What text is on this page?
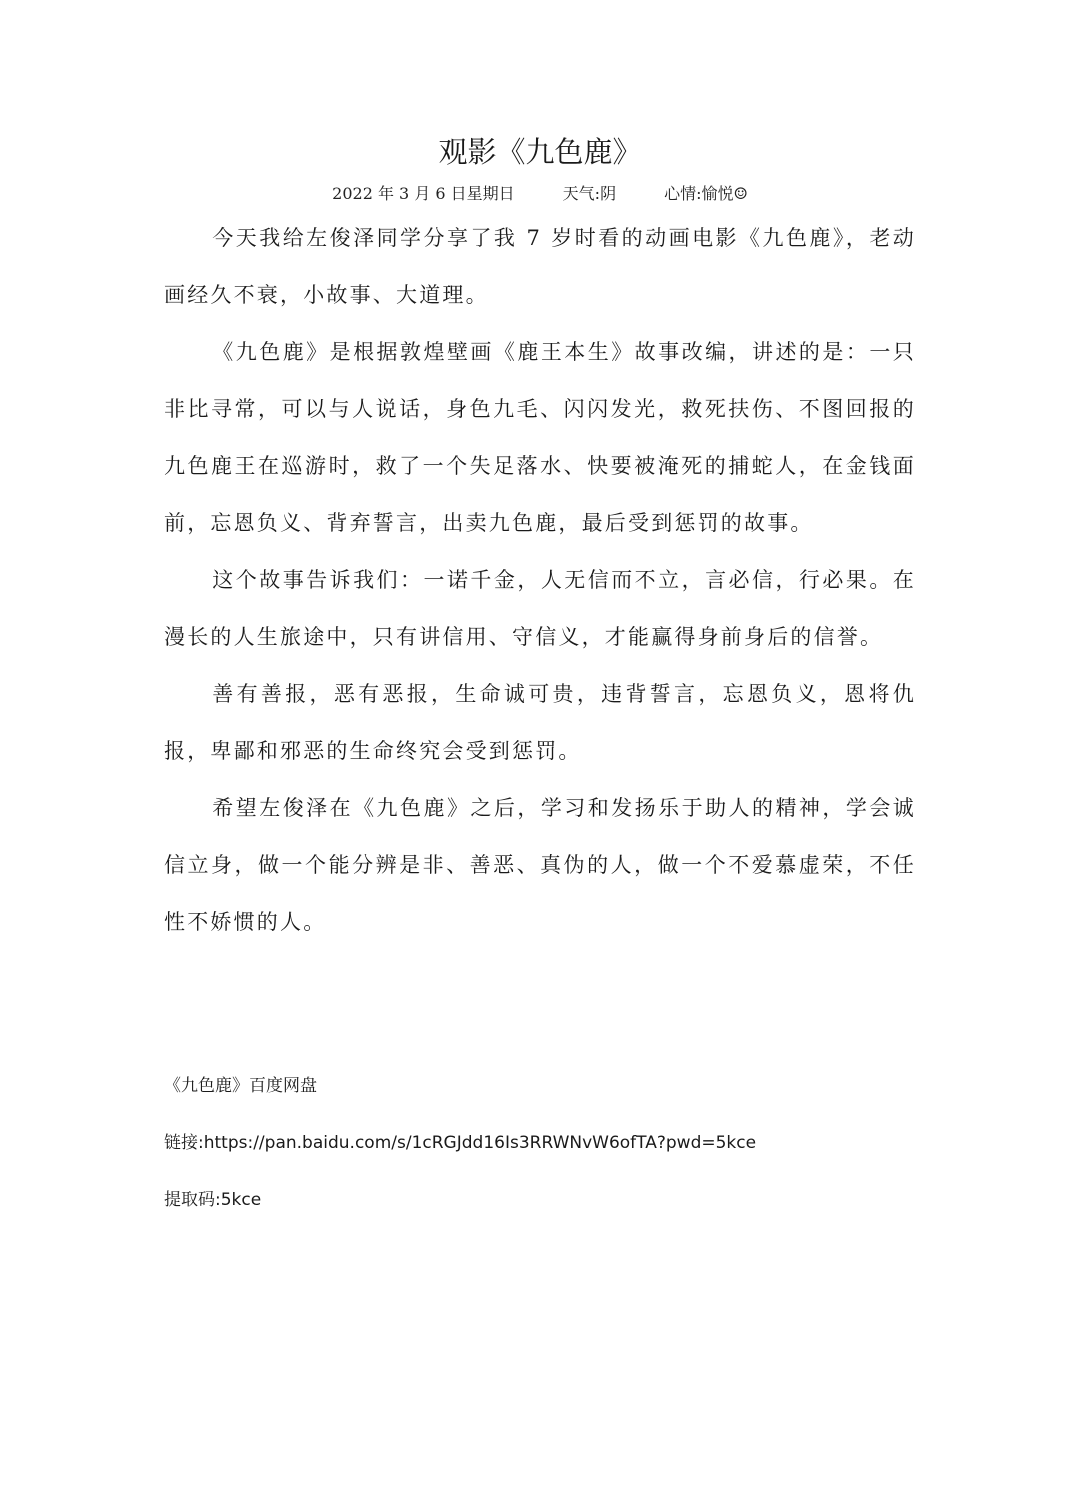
观影《九色鹿》
2022 年 3 月 6 日星期日	天气:阴	心情:愉悦☺

今天我给左俊泽同学分享了我 7 岁时看的动画电影《九色鹿》，老动画经久不衰，小故事、大道理。

《九色鹿》是根据敦煌壁画《鹿王本生》故事改编，讲述的是：一只非比寻常，可以与人说话，身色九毛、闪闪发光，救死扶伤、不图回报的九色鹿王在巡游时，救了一个失足落水、快要被淹死的捕蛇人，在金钱面前，忘恩负义、背弃誓言，出卖九色鹿，最后受到惩罚的故事。

这个故事告诉我们：一诺千金，人无信而不立，言必信，行必果。在漫长的人生旅途中，只有讲信用、守信义，才能赢得身前身后的信誉。

善有善报，恶有恶报，生命诚可贵，违背誓言，忘恩负义，恩将仇报，卑鄙和邪恶的生命终究会受到惩罚。

希望左俊泽在《九色鹿》之后，学习和发扬乐于助人的精神，学会诚信立身，做一个能分辨是非、善恶、真伪的人，做一个不爱慕虚荣，不任性不娇惯的人。

《九色鹿》百度网盘
链接:https://pan.baidu.com/s/1cRGJdd16Is3RRWNvW6ofTA?pwd=5kce
提取码:5kce
